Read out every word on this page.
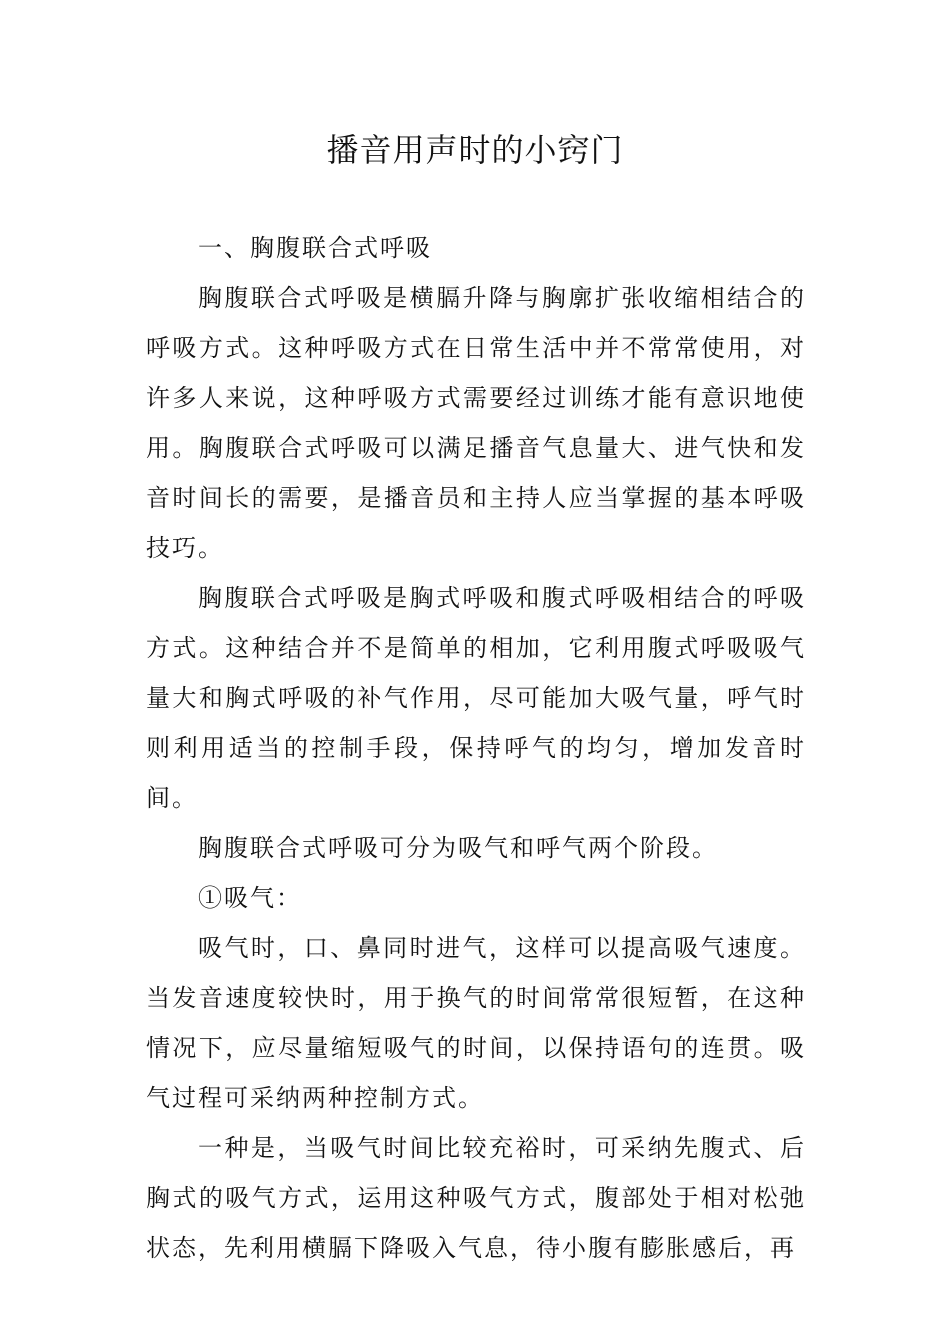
播音用声时的小窍门

一、胸腹联合式呼吸

胸腹联合式呼吸是横膈升降与胸廓扩张收缩相结合的呼吸方式。这种呼吸方式在日常生活中并不常常使用，对许多人来说，这种呼吸方式需要经过训练才能有意识地使用。胸腹联合式呼吸可以满足播音气息量大、进气快和发音时间长的需要，是播音员和主持人应当掌握的基本呼吸技巧。

胸腹联合式呼吸是胸式呼吸和腹式呼吸相结合的呼吸方式。这种结合并不是简单的相加，它利用腹式呼吸吸气量大和胸式呼吸的补气作用，尽可能加大吸气量，呼气时则利用适当的控制手段，保持呼气的均匀，增加发音时间。

胸腹联合式呼吸可分为吸气和呼气两个阶段。

①吸气：

吸气时，口、鼻同时进气，这样可以提高吸气速度。当发音速度较快时，用于换气的时间常常很短暂，在这种情况下，应尽量缩短吸气的时间，以保持语句的连贯。吸气过程可采纳两种控制方式。

一种是，当吸气时间比较充裕时，可采纳先腹式、后胸式的吸气方式，运用这种吸气方式，腹部处于相对松弛状态，先利用横膈下降吸入气息，待小腹有膨胀感后，再
